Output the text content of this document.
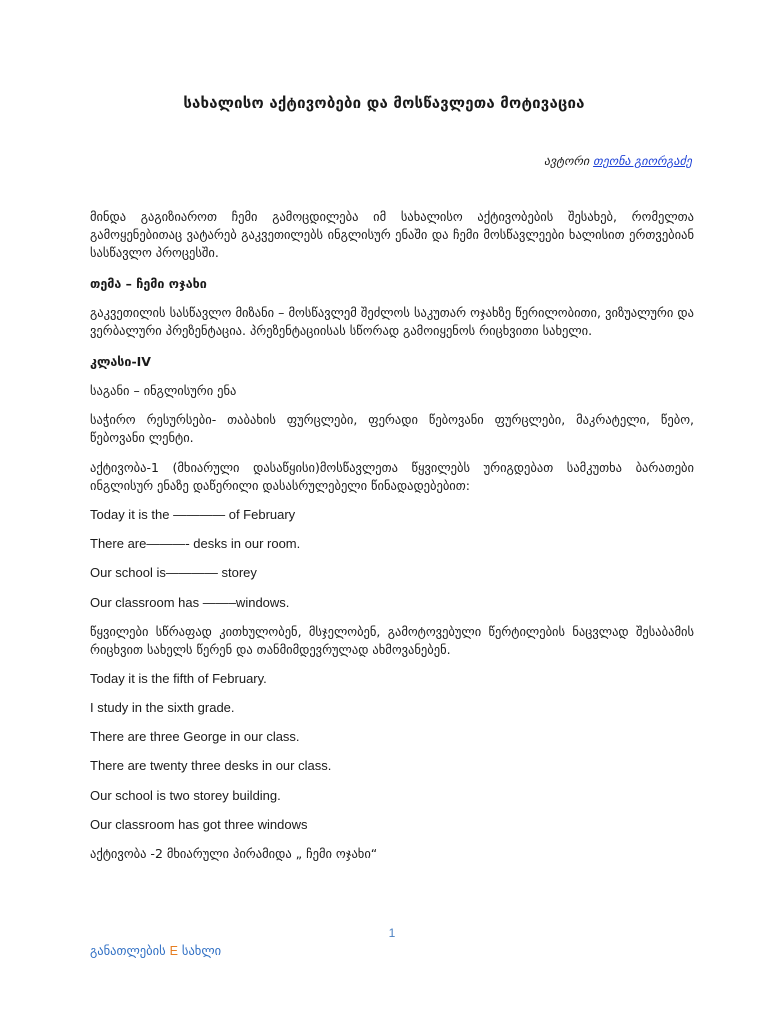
სახალისო აქტივობები და მოსწავლეთა მოტივაცია
ავტორი თეონა გიორგაძე
მინდა გაგიზიაროთ ჩემი გამოცდილება იმ სახალისო აქტივობების შესახებ, რომელთა გამოყენებითაც ვატარებ გაკვეთილებს ინგლისურ ენაში და ჩემი მოსწავლეები ხალისით ერთვებიან სასწავლო პროცესში.
თემა – ჩემი ოჯახი
გაკვეთილის სასწავლო მიზანი – მოსწავლემ შეძლოს საკუთარ ოჯახზე წერილობითი, ვიზუალური და ვერბალური პრეზენტაცია. პრეზენტაციისას სწორად გამოიყენოს რიცხვითი სახელი.
კლასი-IV
საგანი – ინგლისური ენა
საჭირო რესურსები- თაბახის ფურცლები, ფერადი წებოვანი ფურცლები, მაკრატელი, წებო, წებოვანი ლენტი.
აქტივობა-1 (მხიარული დასაწყისი)მოსწავლეთა წყვილებს ურიგდებათ სამკუთხა ბარათები ინგლისურ ენაზე დაწერილი დასასრულებელი წინადადებებით:
Today it is the ———— of February
There are———- desks in our room.
Our school is———— storey
Our classroom has ——–windows.
წყვილები სწრაფად კითხულობენ, მსჯელობენ, გამოტოვებული წერტილების ნაცვლად შესაბამის რიცხვით სახელს წერენ და თანმიმდევრულად ახმოვანებენ.
Today it is the fifth of February.
I study in the sixth grade.
There are three George in our class.
There are twenty three desks in our class.
Our school is two storey building.
Our classroom has got three windows
აქტივობა -2 მხიარული პირამიდა „ ჩემი ოჯახი“
1
განათლების E სახლი
